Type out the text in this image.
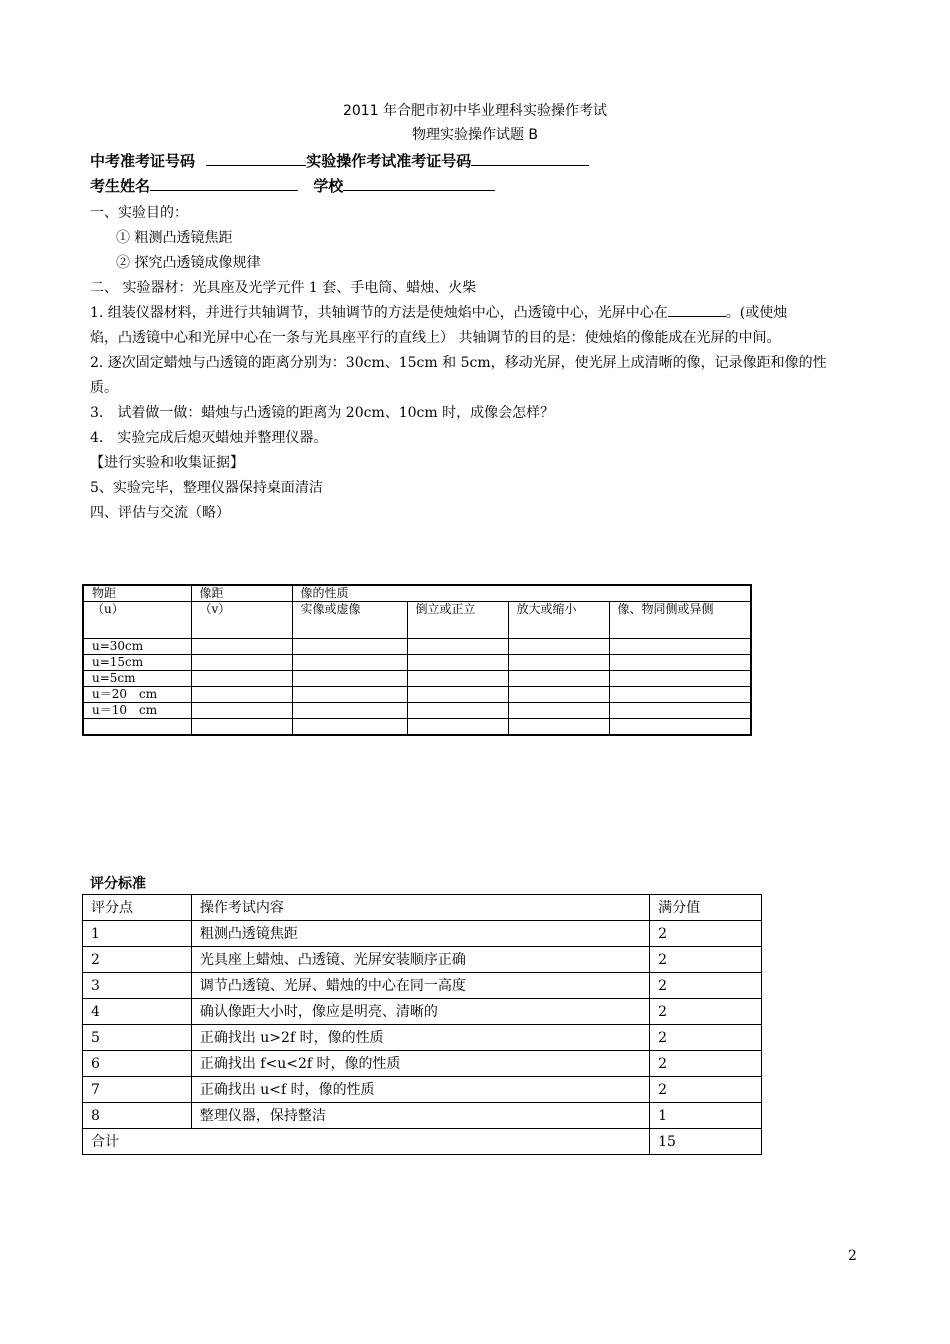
2011 年合肥市初中毕业理科实验操作考试
物理实验操作试题 B
中考准考证号码	实验操作考试准考证号码
考生姓名	学校
一、实验目的：
① 粗测凸透镜焦距
② 探究凸透镜成像规律
二、 实验器材：光具座及光学元件 1 套、手电筒、蜡烛、火柴
1. 组装仪器材料，并进行共轴调节，共轴调节的方法是使烛焰中心，凸透镜中心，光屏中心在	。(或使烛
焰，凸透镜中心和光屏中心在一条与光具座平行的直线上） 共轴调节的目的是：使烛焰的像能成在光屏的中间。
2. 逐次固定蜡烛与凸透镜的距离分别为：30cm、15cm 和 5cm，移动光屏，使光屏上成清晰的像，记录像距和像的性
质。
3． 试着做一做：蜡烛与凸透镜的距离为 20cm、10cm 时，成像会怎样？
4． 实验完成后熄灭蜡烛并整理仪器。
【进行实验和收集证据】
5、实验完毕，整理仪器保持桌面清洁
四、评估与交流（略）
物距	像距	像的性质			
（u）	（v）	实像或虚像	倒立或正立	放大或缩小	像、物同侧或异侧
u=30cm					
u=15cm					
u=5cm					
u＝20　cm					
u＝10　cm					

评分标准
评分点	操作考试内容	满分值
1	粗测凸透镜焦距	2
2	光具座上蜡烛、凸透镜、光屏安装顺序正确	2
3	调节凸透镜、光屏、蜡烛的中心在同一高度	2
4	确认像距大小时，像应是明亮、清晰的	2
5	正确找出 u>2f 时，像的性质	2
6	正确找出 f<u<2f 时，像的性质	2
7	正确找出 u<f 时，像的性质	2
8	整理仪器，保持整洁	1
合计		15
2
